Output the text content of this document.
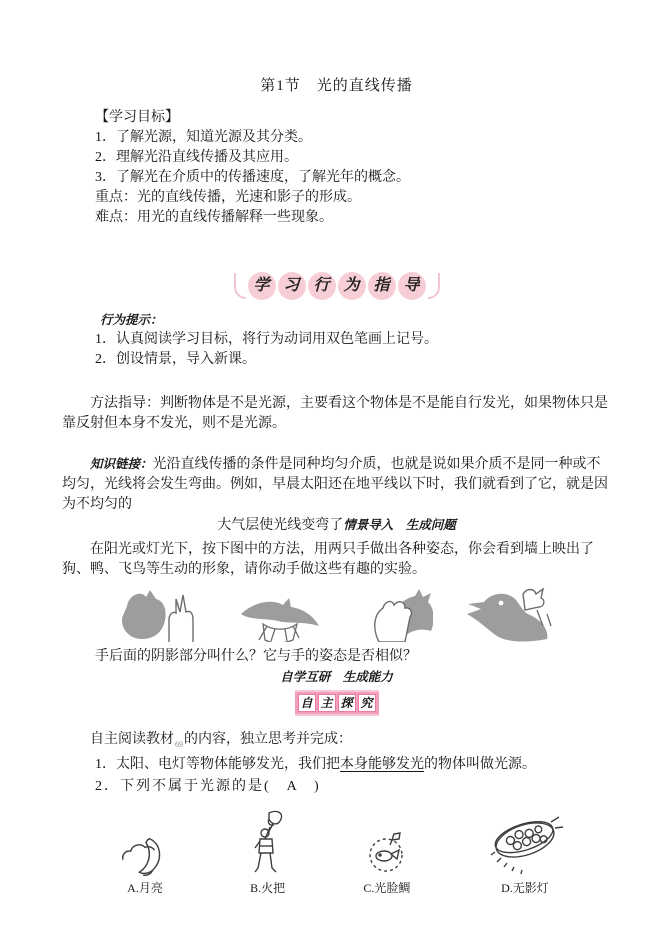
第1节　光的直线传播
【学习目标】
1．了解光源，知道光源及其分类。
2．理解光沿直线传播及其应用。
3．了解光在介质中的传播速度，了解光年的概念。
重点：光的直线传播，光速和影子的形成。
难点：用光的直线传播解释一些现象。
学 习 行 为 指 导
行为提示：
1．认真阅读学习目标，将行为动词用双色笔画上记号。
2．创设情景，导入新课。

方法指导：判断物体是不是光源，主要看这个物体是不是能自行发光，如果物体只是靠反射但本身不发光，则不是光源。

知识链接：光沿直线传播的条件是同种均匀介质，也就是说如果介质不是同一种或不均匀，光线将会发生弯曲。例如，早晨太阳还在地平线以下时，我们就看到了它，就是因为不均匀的

大气层使光线变弯了情景导入　生成问题

在阳光或灯光下，按下图中的方法，用两只手做出各种姿态，你会看到墙上映出了狗、鸭、飞鸟等生动的形象，请你动手做这些有趣的实验。

手后面的阴影部分叫什么？它与手的姿态是否相似？
自学互研　生成能力
自 主 探 究

自主阅读教材$_{69}$的内容，独立思考并完成：

1．太阳、电灯等物体能够发光，我们把本身能够发光的物体叫做光源。
2．下列不属于光源的是(　A　)
A.月亮	B.火把	C.光脸鲷	D.无影灯
